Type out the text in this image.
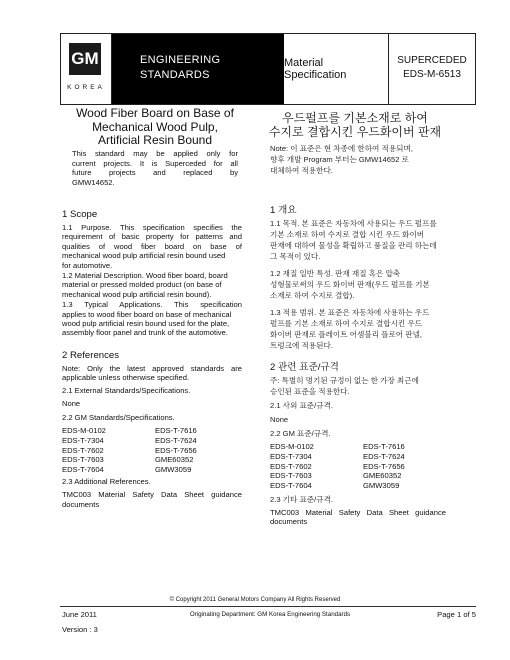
GM
KOREA
ENGINEERING
STANDARDS
Material Specification
SUPERCEDED
EDS-M-6513
Wood Fiber Board on Base of
Mechanical Wood Pulp,
Artificial Resin Bound
This standard may be applied only for
current projects. It is Superceded for all
future projects and replaced by
GMW14652.
우드펄프를 기본소재로 하여
수지로 결합시킨 우드화이버 판재
Note: 이 표준은 현 차종에 한하여 적용되며,
향후 개발 Program 부터는 GMW14652 로
대체하여 적용한다.
1 Scope
1.1 Purpose. This specification specifies the
requirement of basic property for patterns and
qualities of wood fiber board on base of
mechanical wood pulp artificial resin bound used
for automotive.
1.2 Material Description. Wood fiber board, board
material or pressed molded product (on base of
mechanical wood pulp artificial resin bound).
1.3 Typical Applications. This specification
applies to wood fiber board on base of mechanical
wood pulp artificial resin bound used for the plate,
assembly floor panel and trunk of the automotive.
2 References
Note: Only the latest approved standards are
applicable unless otherwise specified.
2.1 External Standards/Specifications.
None
2.2 GM Standards/Specifications.
EDS-M-0102	EDS-T-7616
EDS-T-7304	EDS-T-7624
EDS-T-7602	EDS-T-7656
EDS-T-7603	GME60352
EDS-T-7604	GMW3059
2.3 Additional References.
TMC003 Material Safety Data Sheet guidance
documents
1 개요
1.1 목적. 본 표준은 자동차에 사용되는 우드 펄프를
기본 소재로 하여 수지로 결합 시킨 우드 화이버
판재에 대하여 물성을 확립하고 품질을 관리 하는데
그 목적이 있다.
1.2 재질 일반 특성. 판재 재질 혹은 압축
성형물로써의 우드 화이버 판재(우드 펄프를 기본
소재로 하여 수지로 결합).
1.3 적용 범위. 본 표준은 자동차에 사용하는 우드
펄프를 기본 소재로 하여 수지로 결합시킨 우드
화이버 판재로 플레이트 어셈블리 플로어 판넬,
트렁크에 적용된다.
2 관련 표준/규격
주: 특별히 명기된 규정이 없는 한 가장 최근에
승인된 표준을 적용한다.
2.1 사외 표준/규격.
None
2.2 GM 표준/규격.
EDS-M-0102	EDS-T-7616
EDS-T-7304	EDS-T-7624
EDS-T-7602	EDS-T-7656
EDS-T-7603	GME60352
EDS-T-7604	GMW3059
2.3 기타 표준/규격.
TMC003 Material Safety Data Sheet guidance
documents
© Copyright 2011 General Motors Company All Rights Reserved
June 2011	Originating Department: GM Korea Engineering Standards	Page 1 of 5
Version : 3
